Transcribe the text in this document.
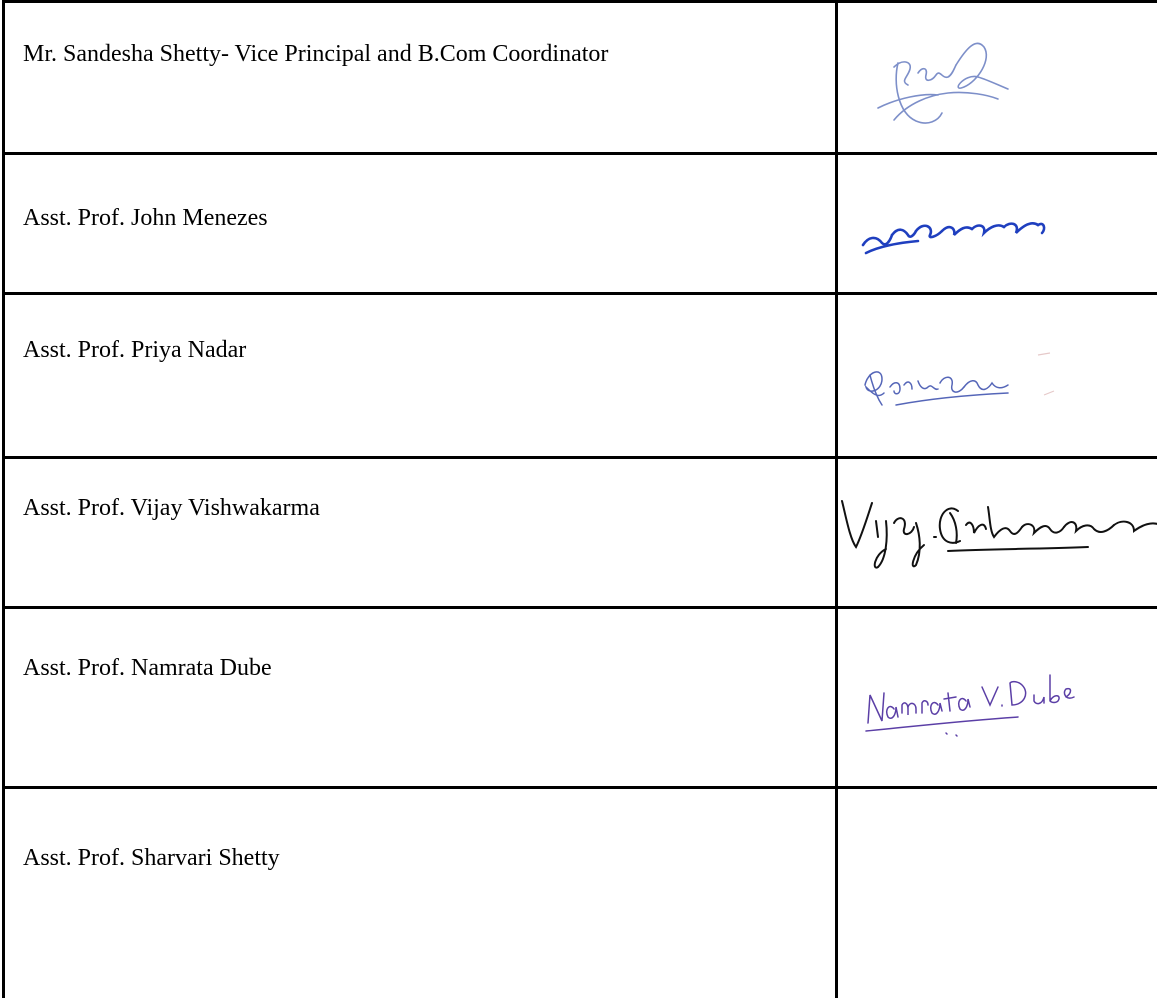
Mr. Sandesha Shetty- Vice Principal and B.Com Coordinator

Asst. Prof. John Menezes

Asst. Prof. Priya Nadar

Asst. Prof. Vijay Vishwakarma

Asst. Prof. Namrata Dube

Asst. Prof. Sharvari Shetty	
